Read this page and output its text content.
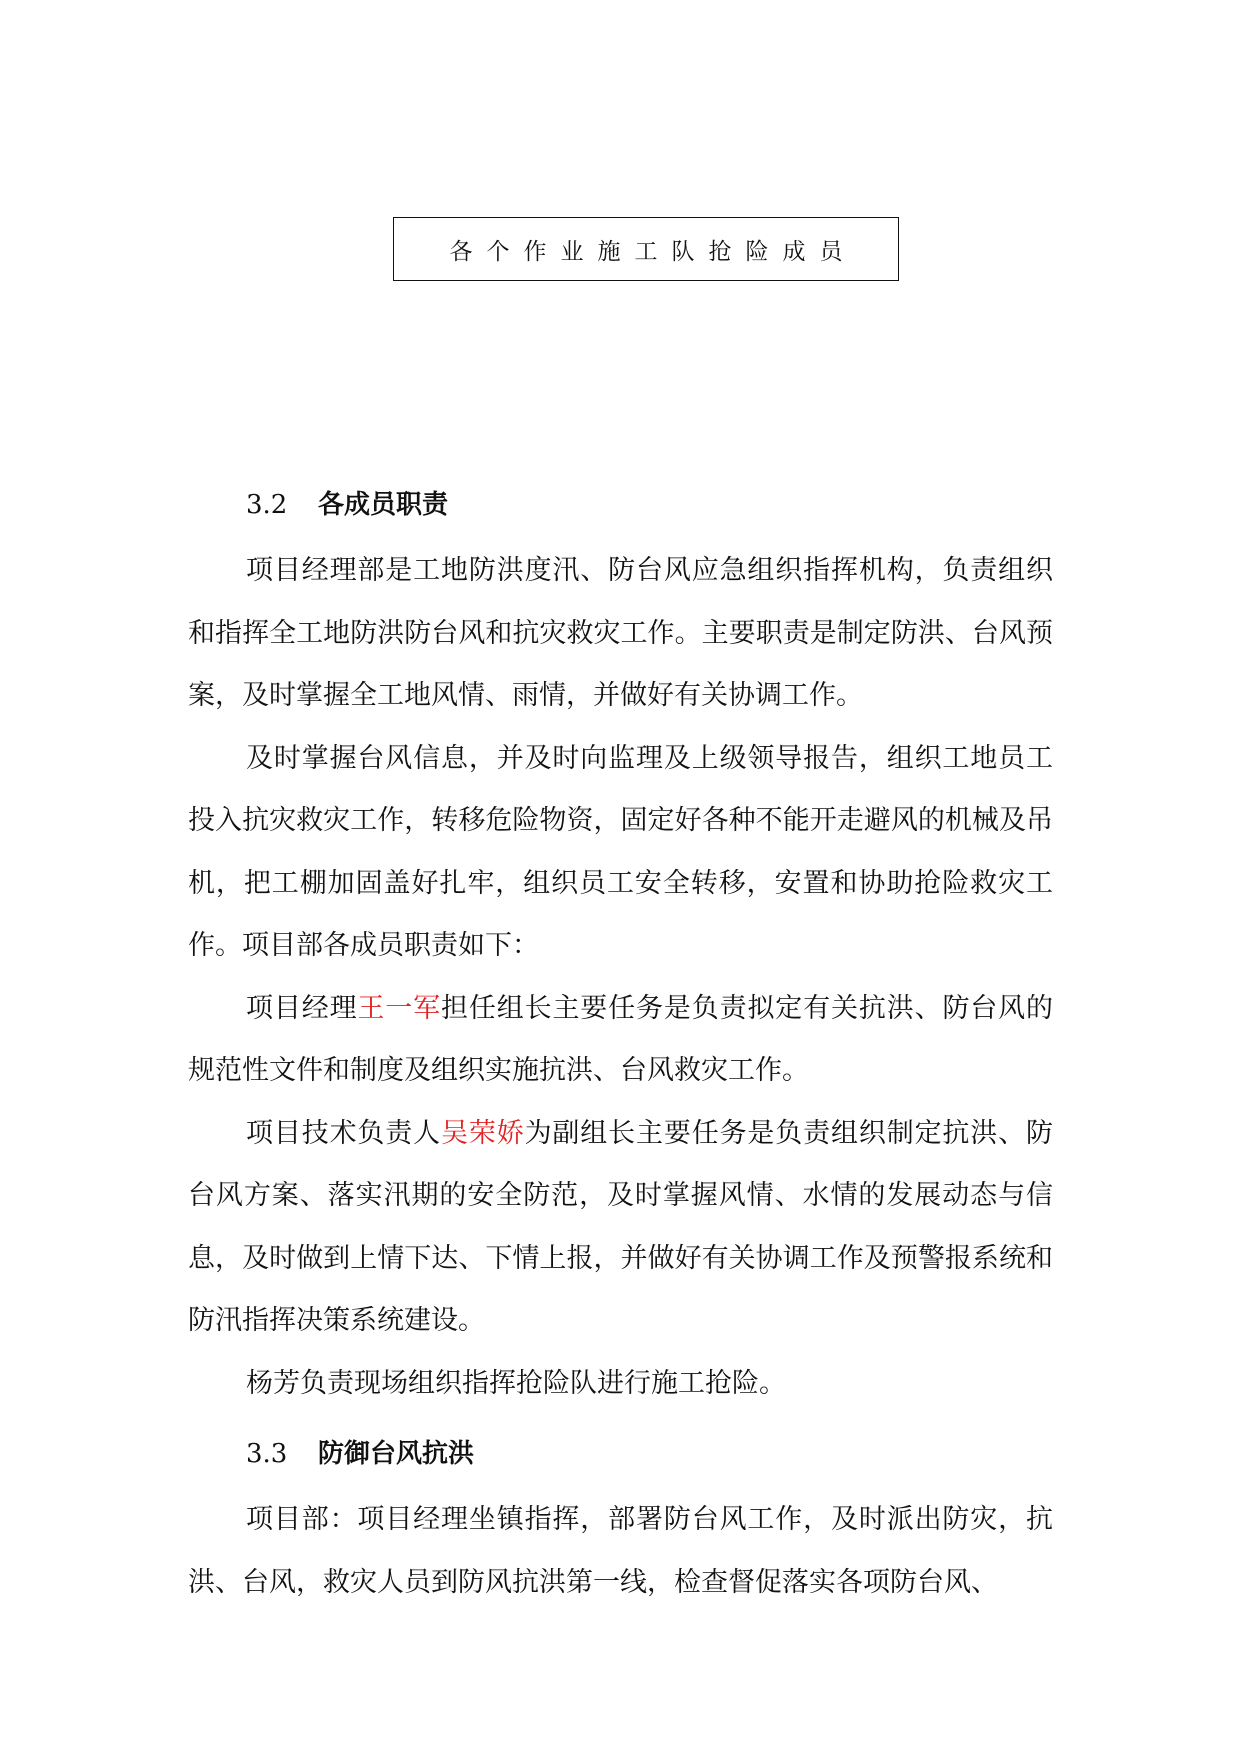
各个作业施工队抢险成员
3.2 各成员职责

项目经理部是工地防洪度汛、防台风应急组织指挥机构，负责组织和指挥全工地防洪防台风和抗灾救灾工作。主要职责是制定防洪、台风预案，及时掌握全工地风情、雨情，并做好有关协调工作。

及时掌握台风信息，并及时向监理及上级领导报告，组织工地员工投入抗灾救灾工作，转移危险物资，固定好各种不能开走避风的机械及吊机，把工棚加固盖好扎牢，组织员工安全转移，安置和协助抢险救灾工作。项目部各成员职责如下：

项目经理王一军担任组长主要任务是负责拟定有关抗洪、防台风的规范性文件和制度及组织实施抗洪、台风救灾工作。

项目技术负责人吴荣娇为副组长主要任务是负责组织制定抗洪、防台风方案、落实汛期的安全防范，及时掌握风情、水情的发展动态与信息，及时做到上情下达、下情上报，并做好有关协调工作及预警报系统和防汛指挥决策系统建设。

杨芳负责现场组织指挥抢险队进行施工抢险。

3.3 防御台风抗洪

项目部：项目经理坐镇指挥，部署防台风工作，及时派出防灾，抗洪、台风，救灾人员到防风抗洪第一线，检查督促落实各项防台风、
